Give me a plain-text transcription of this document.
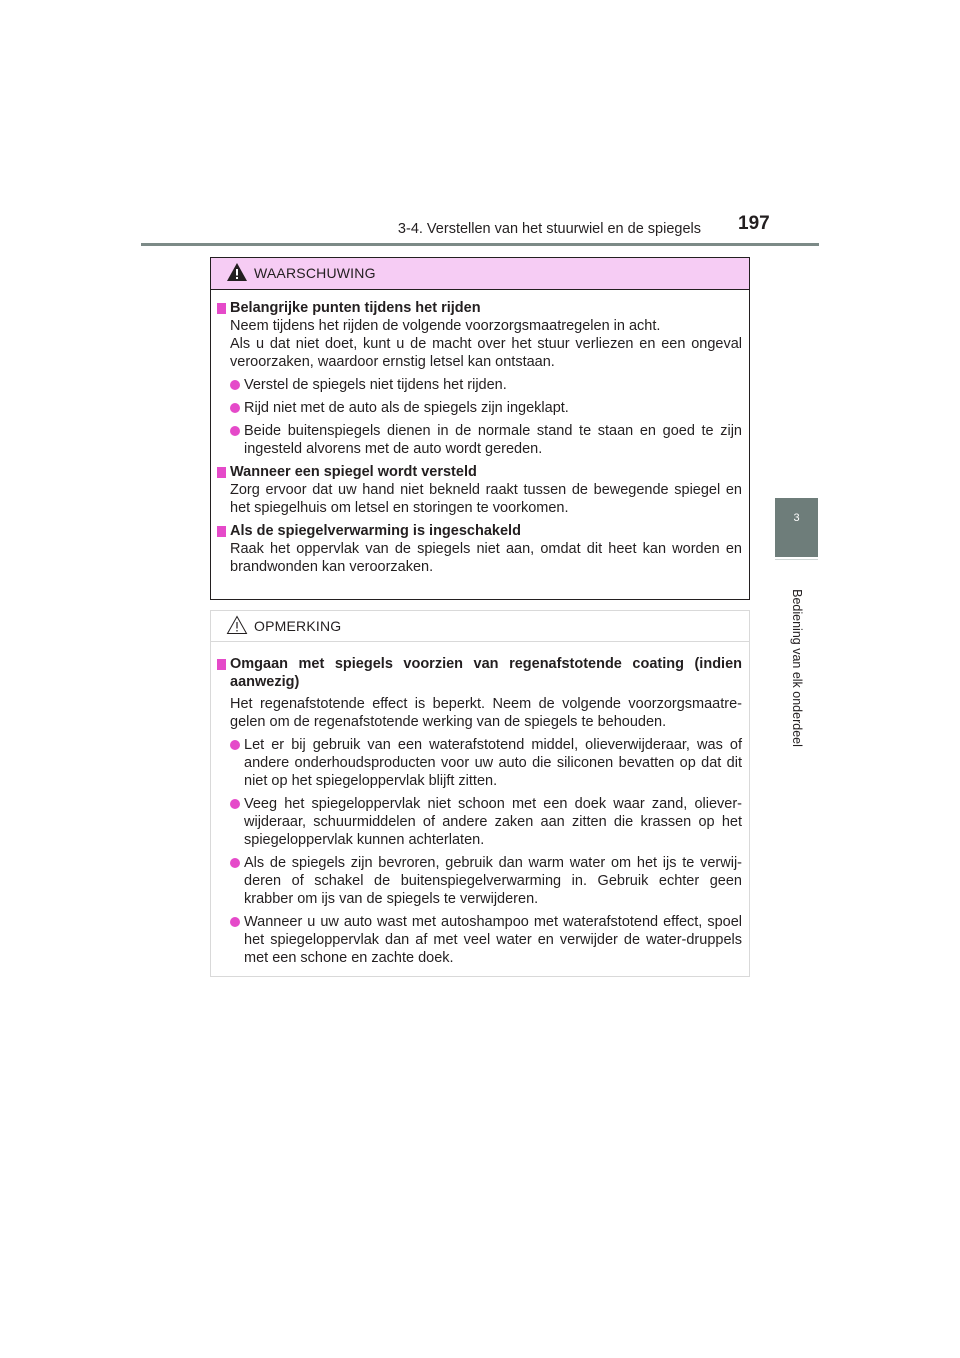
3-4. Verstellen van het stuurwiel en de spiegels 197
3
Bediening van elk onderdeel
WAARSCHUWING
Belangrijke punten tijdens het rijden

Neem tijdens het rijden de volgende voorzorgsmaatregelen in acht.

Als u dat niet doet, kunt u de macht over het stuur verliezen en een ongeval veroorzaken, waardoor ernstig letsel kan ontstaan.

Verstel de spiegels niet tijdens het rijden.
Rijd niet met de auto als de spiegels zijn ingeklapt.
Beide buitenspiegels dienen in de normale stand te staan en goed te zijn ingesteld alvorens met de auto wordt gereden.
Wanneer een spiegel wordt versteld

Zorg ervoor dat uw hand niet bekneld raakt tussen de bewegende spiegel en het spiegelhuis om letsel en storingen te voorkomen.

Als de spiegelverwarming is ingeschakeld

Raak het oppervlak van de spiegels niet aan, omdat dit heet kan worden en brandwonden kan veroorzaken.

OPMERKING
Omgaan met spiegels voorzien van regenafstotende coating (indien aanwezig)

Het regenafstotende effect is beperkt. Neem de volgende voorzorgsmaatre-gelen om de regenafstotende werking van de spiegels te behouden.

Let er bij gebruik van een waterafstotend middel, olieverwijderaar, was of andere onderhoudsproducten voor uw auto die siliconen bevatten op dat dit niet op het spiegeloppervlak blijft zitten.
Veeg het spiegeloppervlak niet schoon met een doek waar zand, oliever-wijderaar, schuurmiddelen of andere zaken aan zitten die krassen op het spiegeloppervlak kunnen achterlaten.
Als de spiegels zijn bevroren, gebruik dan warm water om het ijs te verwij-deren of schakel de buitenspiegelverwarming in. Gebruik echter geen krabber om ijs van de spiegels te verwijderen.
Wanneer u uw auto wast met autoshampoo met waterafstotend effect, spoel het spiegeloppervlak dan af met veel water en verwijder de water-druppels met een schone en zachte doek.
